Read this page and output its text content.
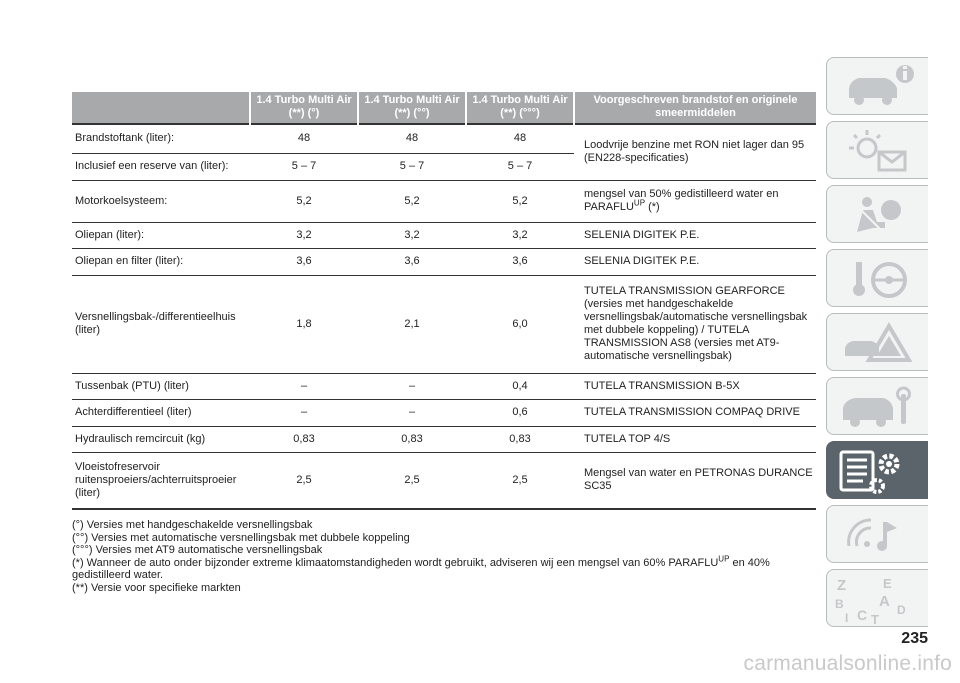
	1.4 Turbo Multi Air (**) (°)	1.4 Turbo Multi Air (**) (°°)	1.4 Turbo Multi Air (**) (°°°)	Voorgeschreven brandstof en originele smeermiddelen
Brandstoftank (liter):	48	48	48	Loodvrije benzine met RON niet lager dan 95 (EN228-specificaties)
Inclusief een reserve van (liter):	5 – 7	5 – 7	5 – 7	
Motorkoelsysteem:	5,2	5,2	5,2	mengsel van 50% gedistilleerd water en $PARAFLU^{UP}$ (*)
Oliepan (liter):	3,2	3,2	3,2	SELENIA DIGITEK P.E.
Oliepan en filter (liter):	3,6	3,6	3,6	SELENIA DIGITEK P.E.
Versnellingsbak-/differentieelhuis (liter)	1,8	2,1	6,0	TUTELA TRANSMISSION GEARFORCE (versies met handgeschakelde versnellingsbak/automatische versnellingsbak met dubbele koppeling) / TUTELA TRANSMISSION AS8 (versies met AT9-automatische versnellingsbak)
Tussenbak (PTU) (liter)	–	–	0,4	TUTELA TRANSMISSION B-5X
Achterdifferentieel (liter)	–	–	0,6	TUTELA TRANSMISSION COMPAQ DRIVE
Hydraulisch remcircuit (kg)	0,83	0,83	0,83	TUTELA TOP 4/S
Vloeistofreservoir ruitensproeiers/achterruitsproeier (liter)	2,5	2,5	2,5	Mengsel van water en PETRONAS DURANCE SC35
(°) Versies met handgeschakelde versnellingsbak
(°°) Versies met automatische versnellingsbak met dubbele koppeling
(°°°) Versies met AT9 automatische versnellingsbak
(*) Wanneer de auto onder bijzonder extreme klimaatomstandigheden wordt gebruikt, adviseren wij een mengsel van 60% $PARAFLU^{UP}$ en 40% gedistilleerd water.
(**) Versie voor specifieke markten	Z	E
B A
C T
D
I
235
carmanualsonline.info
